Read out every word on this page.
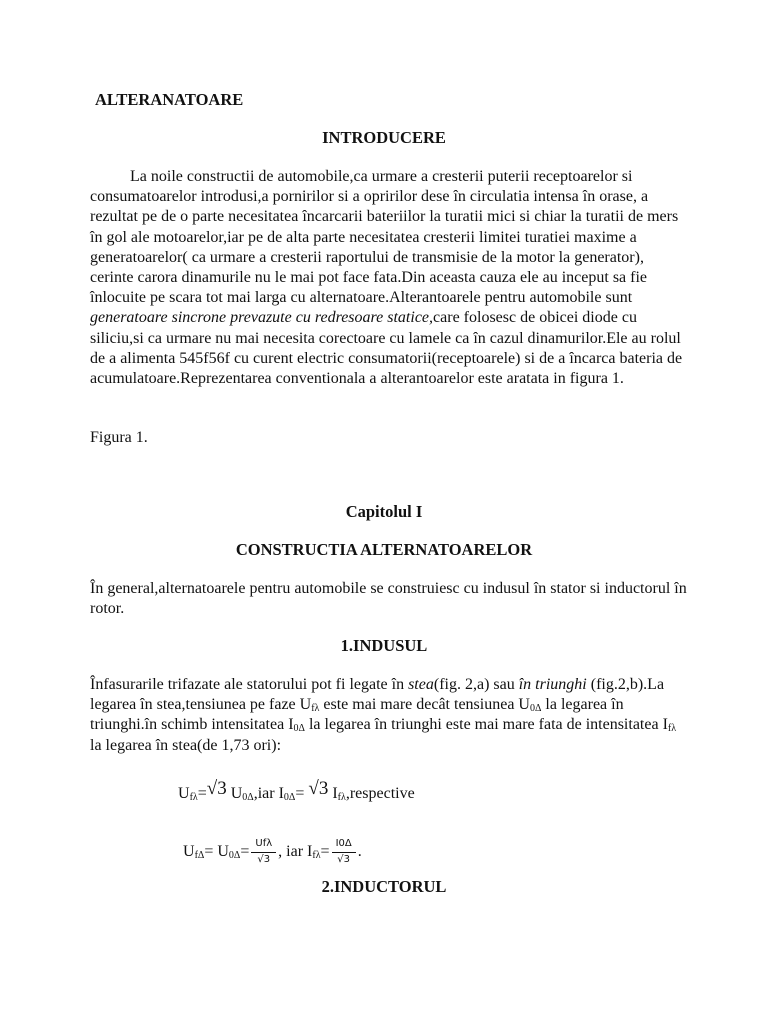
ALTERANATOARE
INTRODUCERE

La noile constructii de automobile,ca urmare a cresterii puterii receptoarelor si consumatoarelor introdusi,a pornirilor si a opririlor dese în circulatia intensa în orase, a rezultat pe de o parte necesitatea încarcarii bateriilor la turatii mici si chiar la turatii de mers în gol ale motoarelor,iar pe de alta parte necesitatea cresterii limitei turatiei maxime a generatoarelor( ca urmare a cresterii raportului de transmisie de la motor la generator), cerinte carora dinamurile nu le mai pot face fata.Din aceasta cauza ele au inceput sa fie înlocuite pe scara tot mai larga cu alternatoare.Alterantoarele pentru automobile sunt generatoare sincrone prevazute cu redresoare statice,care folosesc de obicei diode cu siliciu,si ca urmare nu mai necesita corectoare cu lamele ca în cazul dinamurilor.Ele au rolul de a alimenta 545f56f cu curent electric consumatorii(receptoarele) si de a încarca bateria de acumulatoare.Reprezentarea conventionala a alterantoarelor este aratata in figura 1.

Figura 1.

Capitolul I
CONSTRUCTIA ALTERNATOARELOR

În general,alternatoarele pentru automobile se construiesc cu indusul în stator si inductorul în rotor.

1.INDUSUL

Înfasurarile trifazate ale statorului pot fi legate în stea(fig. 2,a) sau în triunghi (fig.2,b).La legarea în stea,tensiunea pe faze $U_{f\lambda}$ este mai mare decât tensiunea $U_{0\Delta}$ la legarea în triunghi.în schimb intensitatea $I_{0\Delta}$ la legarea în triunghi este mai mare fata de intensitatea $I_{f\lambda}$ la legarea în stea(de 1,73 ori):

$U_{f\lambda}=√3$ $U_{0\Delta},iar$ $I_{0\Delta}= √3$ $I_{f\lambda},respective$
$U_{f\Delta}= U_{0\Delta}= \frac{\text{Ufλ}}{√3}$ , iar $I_{f\lambda}= \frac{I0\Delta}{√3}$ .
2.INDUCTORUL
